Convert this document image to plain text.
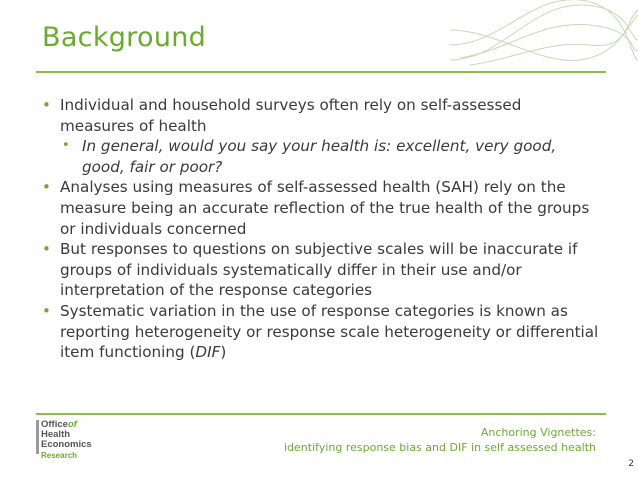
Background
• Individual and household surveys often rely on self-assessed measures of health
• In general, would you say your health is: excellent, very good, good, fair or poor?
• Analyses using measures of self-assessed health (SAH) rely on the measure being an accurate reflection of the true health of the groups or individuals concerned
• But responses to questions on subjective scales will be inaccurate if groups of individuals systematically differ in their use and/or interpretation of the response categories
• Systematic variation in the use of response categories is known as reporting heterogeneity or response scale heterogeneity or differential item functioning (DIF)
Officeof
Health
Economics
Research
Anchoring Vignettes:
identifying response bias and DIF in self assessed health
2
